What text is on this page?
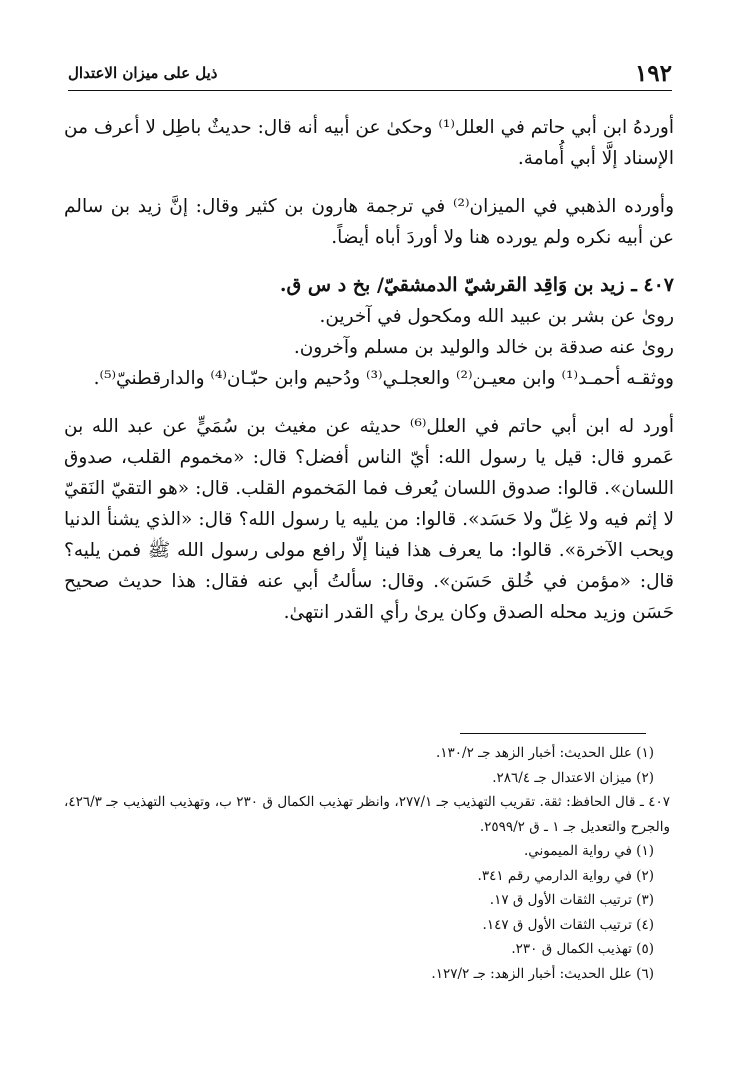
١٩٢
ذيل على ميزان الاعتدال

أوردهُ ابن أبي حاتم في العلل⁽¹⁾ وحكىٰ عن أبيه أنه قال: حديثٌ باطِل لا أعرف من الإسناد إلَّا أبي أُمامة.

وأورده الذهبي في الميزان⁽²⁾ في ترجمة هارون بن كثير وقال: إنَّ زيد بن سالم عن أبيه نكره ولم يورده هنا ولا أوردَ أباه أيضاً.

٤٠٧ ـ زيد بن وَاقِد القرشيّ الدمشقيّ/ بخ د س ق.

روىٰ عن بشر بن عبيد الله ومكحول في آخرين.

روىٰ عنه صدقة بن خالد والوليد بن مسلم وآخرون.

ووثقـه أحمـد⁽¹⁾ وابن معيـن⁽²⁾ والعجلـي⁽³⁾ ودُحيم وابن حبّـان⁽⁴⁾ والدارقطنيّ⁽⁵⁾.

أورد له ابن أبي حاتم في العلل⁽⁶⁾ حديثه عن مغيث بن سُمَيٍّ عن عبد الله بن عَمرو قال: قيل يا رسول الله: أيّ الناس أفضل؟ قال: «مخموم القلب، صدوق اللسان». قالوا: صدوق اللسان يُعرف فما المَخموم القلب. قال: «هو التقيّ النَقيّ لا إثم فيه ولا غِلّ ولا حَسَد». قالوا: من يليه يا رسول الله؟ قال: «الذي يشنأ الدنيا ويحب الآخرة». قالوا: ما يعرف هذا فينا إلّا رافع مولى رسول الله ﷺ فمن يليه؟ قال: «مؤمن في خُلق حَسَن». وقال: سألتُ أبي عنه فقال: هذا حديث صحيح حَسَن وزيد محله الصدق وكان يرىٰ رأي القدر انتهىٰ.

(١) علل الحديث: أخبار الزهد جـ ١٣٠/٢.

(٢) ميزان الاعتدال جـ ٢٨٦/٤.

٤٠٧ ـ قال الحافظ: ثقة. تقريب التهذيب جـ ٢٧٧/١، وانظر تهذيب الكمال ق ٢٣٠ ب، وتهذيب التهذيب جـ ٤٢٦/٣، والجرح والتعديل جـ ١ ـ ق ٢٥٩٩/٢.

(١) في رواية الميموني.

(٢) في رواية الدارمي رقم ٣٤١.

(٣) ترتيب الثقات الأول ق ١٧.

(٤) ترتيب الثقات الأول ق ١٤٧.

(٥) تهذيب الكمال ق ٢٣٠.

(٦) علل الحديث: أخبار الزهد: جـ ١٢٧/٢.
